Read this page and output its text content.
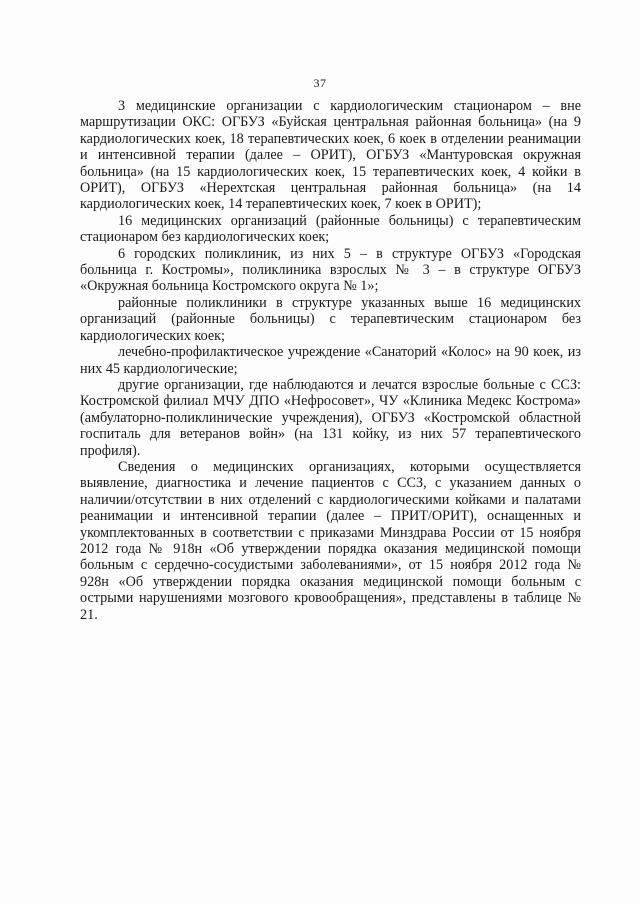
37

3 медицинские организации с кардиологическим стационаром – вне маршрутизации ОКС: ОГБУЗ «Буйская центральная районная больница» (на 9 кардиологических коек, 18 терапевтических коек, 6 коек в отделении реанимации и интенсивной терапии (далее – ОРИТ), ОГБУЗ «Мантуровская окружная больница» (на 15 кардиологических коек, 15 терапевтических коек, 4 койки в ОРИТ), ОГБУЗ «Нерехтская центральная районная больница» (на 14 кардиологических коек, 14 терапевтических коек, 7 коек в ОРИТ);

16 медицинских организаций (районные больницы) с терапевтическим стационаром без кардиологических коек;

6 городских поликлиник, из них 5 – в структуре ОГБУЗ «Городская больница г. Костромы», поликлиника взрослых № 3 – в структуре ОГБУЗ «Окружная больница Костромского округа № 1»;

районные поликлиники в структуре указанных выше 16 медицинских организаций (районные больницы) с терапевтическим стационаром без кардиологических коек;

лечебно-профилактическое учреждение «Санаторий «Колос» на 90 коек, из них 45 кардиологические;

другие организации, где наблюдаются и лечатся взрослые больные с ССЗ: Костромской филиал МЧУ ДПО «Нефросовет», ЧУ «Клиника Медекс Кострома» (амбулаторно-поликлинические учреждения), ОГБУЗ «Костромской областной госпиталь для ветеранов войн» (на 131 койку, из них 57 терапевтического профиля).

Сведения о медицинских организациях, которыми осуществляется выявление, диагностика и лечение пациентов с ССЗ, с указанием данных о наличии/отсутствии в них отделений с кардиологическими койками и палатами реанимации и интенсивной терапии (далее – ПРИТ/ОРИТ), оснащенных и укомплектованных в соответствии с приказами Минздрава России от 15 ноября 2012 года № 918н «Об утверждении порядка оказания медицинской помощи больным с сердечно-сосудистыми заболеваниями», от 15 ноября 2012 года № 928н «Об утверждении порядка оказания медицинской помощи больным с острыми нарушениями мозгового кровообращения», представлены в таблице № 21.
